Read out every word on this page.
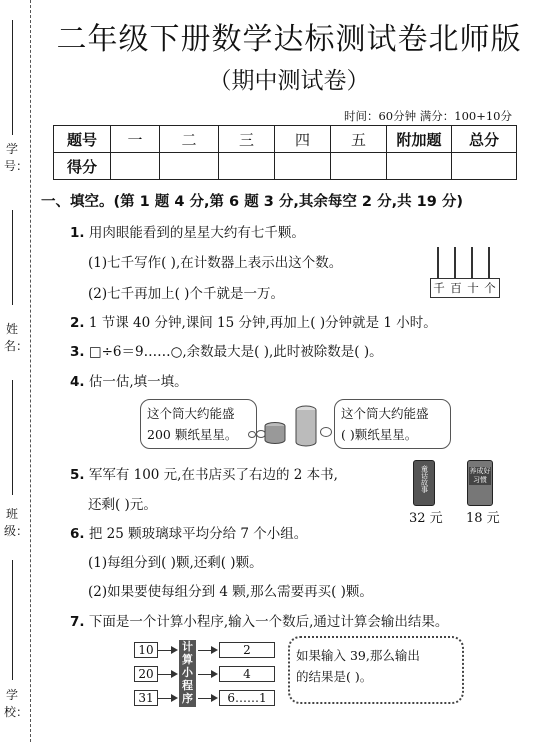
学号：
姓名：
班级：
学校：
二年级下册数学达标测试卷北师版
（期中测试卷）
时间：60分钟 满分：100+10分
题号	一	二	三	四	五	附加题	总分
得分							
一、填空。(第 1 题 4 分,第 6 题 3 分,其余每空 2 分,共 19 分)
1. 用肉眼能看到的星星大约有七千颗。
(1)七千写作( ),在计数器上表示出这个数。
(2)七千再加上( )个千就是一万。	千 百 十 个
2. 1 节课 40 分钟,课间 15 分钟,再加上( )分钟就是 1 小时。
3. □÷6＝9……○,余数最大是( ),此时被除数是( )。
4. 估一估,填一填。
这个筒大约能盛
200 颗纸星星。
这个筒大约能盛
( )颗纸星星。
5. 军军有 100 元,在书店买了右边的 2 本书,
还剩( )元。
童话故事
32 元
养成好习惯
18 元
6. 把 25 颗玻璃球平均分给 7 个小组。
(1)每组分到( )颗,还剩( )颗。
(2)如果要使每组分到 4 颗,那么需要再买( )颗。
7. 下面是一个计算小程序,输入一个数后,通过计算会输出结果。
10
20
31
计
算
小
程
序
2
4
6……1
如果输入 39,那么输出
的结果是( )。
